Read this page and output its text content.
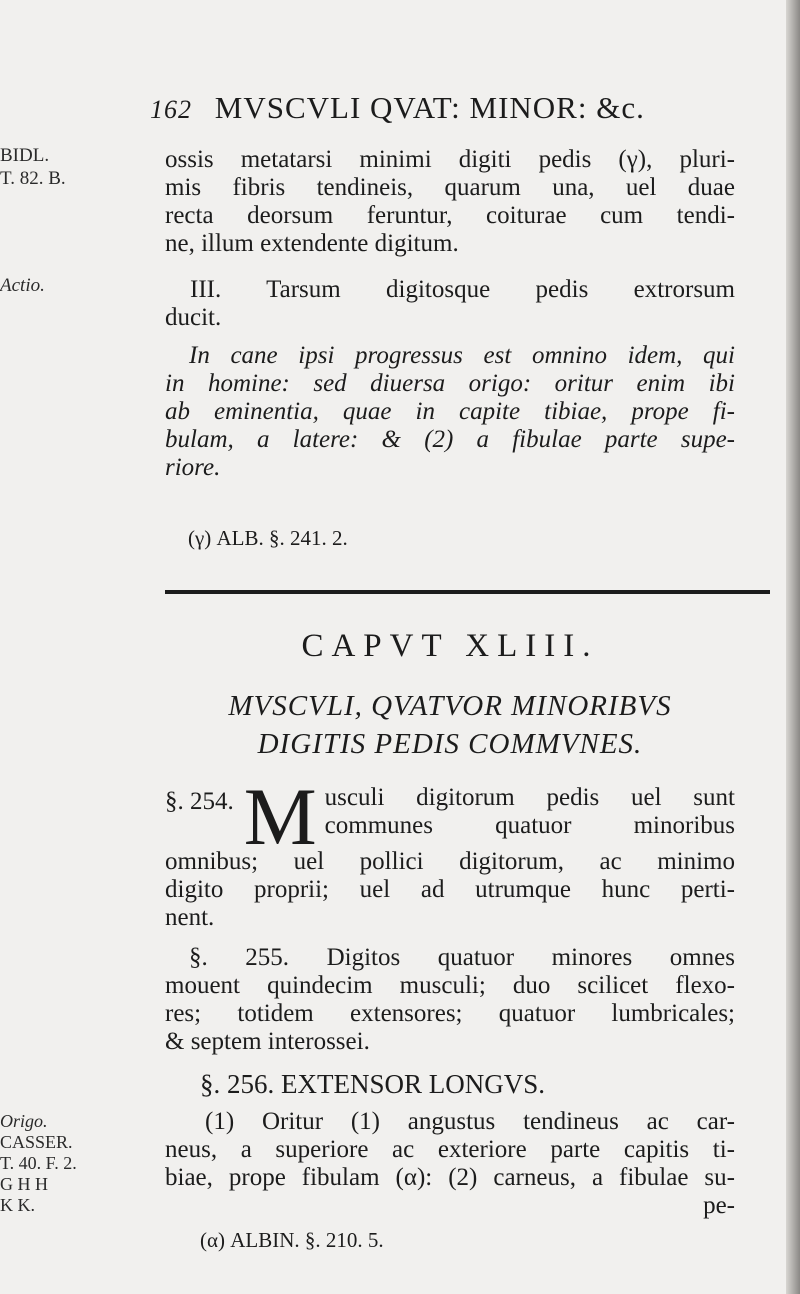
162 MVSCVLI QVAT: MINOR: &c.
BIDL.
T. 82. B.
Actio.
Origo.
CASSER.
T. 40. F. 2.
G H H
K K.
ossis metatarsi minimi digiti pedis (γ), pluri-
mis fibris tendineis, quarum una, uel duae
recta deorsum feruntur, coiturae cum tendi-
ne, illum extendente digitum.
III. Tarsum digitosque pedis extrorsum
ducit.
In cane ipsi progressus est omnino idem, qui
in homine: sed diuersa origo: oritur enim ibi
ab eminentia, quae in capite tibiae, prope fi-
bulam, a latere: & (2) a fibulae parte supe-
riore.
(γ) ALB. §. 241. 2.
CAPVT XLIII.
MVSCVLI, QVATVOR MINORIBVS
DIGITIS PEDIS COMMVNES.
§. 254. M usculi digitorum pedis uel sunt
communes quatuor minoribus
omnibus; uel pollici digitorum, ac minimo
digito proprii; uel ad utrumque hunc perti-
nent.
§. 255. Digitos quatuor minores omnes
mouent quindecim musculi; duo scilicet flexo-
res; totidem extensores; quatuor lumbricales;
& septem interossei.
§. 256. EXTENSOR LONGVS.
(1) Oritur (1) angustus tendineus ac car-
neus, a superiore ac exteriore parte capitis ti-
biae, prope fibulam (α): (2) carneus, a fibulae su-
pe-
(α) ALBIN. §. 210. 5.
